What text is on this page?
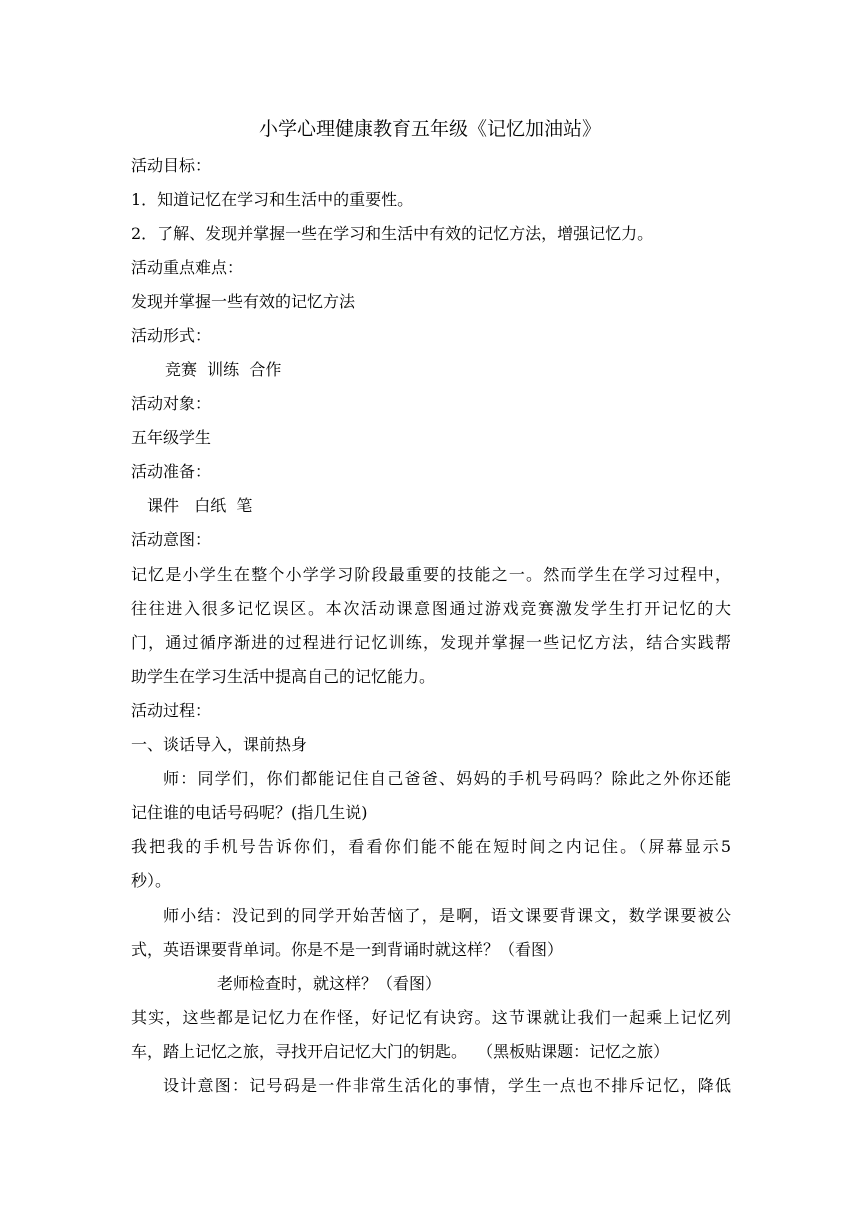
小学心理健康教育五年级《记忆加油站》
活动目标：
1．知道记忆在学习和生活中的重要性。
2．了解、发现并掌握一些在学习和生活中有效的记忆方法，增强记忆力。
活动重点难点：
发现并掌握一些有效的记忆方法
活动形式：
竞赛  训练  合作
活动对象：
五年级学生
活动准备：
课件   白纸  笔
活动意图：
记忆是小学生在整个小学学习阶段最重要的技能之一。然而学生在学习过程中，
往往进入很多记忆误区。本次活动课意图通过游戏竞赛激发学生打开记忆的大
门，通过循序渐进的过程进行记忆训练，发现并掌握一些记忆方法，结合实践帮
助学生在学习生活中提高自己的记忆能力。
活动过程：
一、谈话导入，课前热身
师：同学们，你们都能记住自己爸爸、妈妈的手机号码吗？除此之外你还能
记住谁的电话号码呢？(指几生说)
我把我的手机号告诉你们，看看你们能不能在短时间之内记住。（屏幕显示5
秒）。
师小结：没记到的同学开始苦恼了，是啊，语文课要背课文，数学课要被公
式，英语课要背单词。你是不是一到背诵时就这样？（看图）
老师检查时，就这样？（看图）
其实，这些都是记忆力在作怪，好记忆有诀窍。这节课就让我们一起乘上记忆列
车，踏上记忆之旅，寻找开启记忆大门的钥匙。  （黑板贴课题：记忆之旅）
设计意图：记号码是一件非常生活化的事情，学生一点也不排斥记忆，降低
